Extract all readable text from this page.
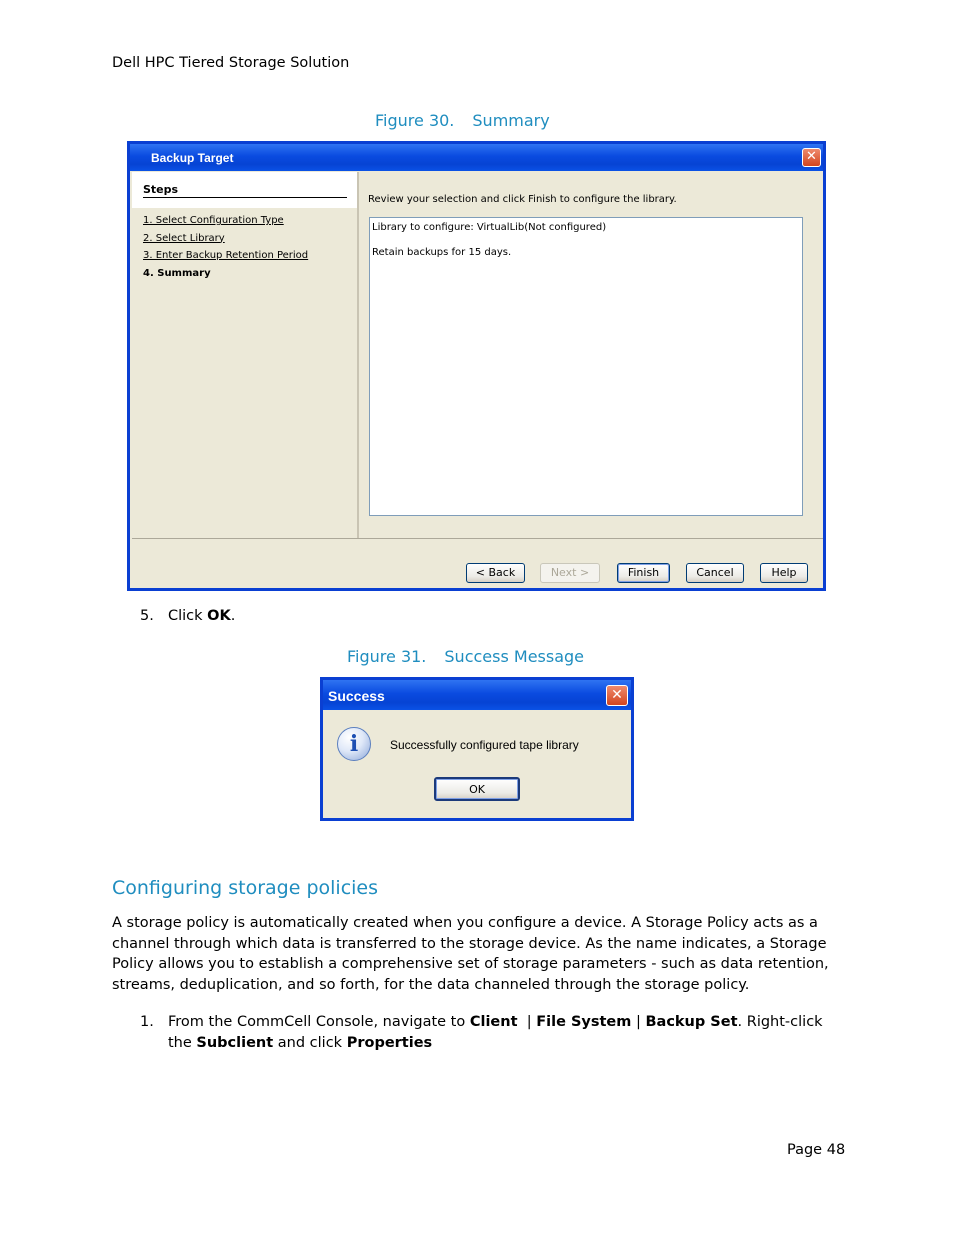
Dell HPC Tiered Storage Solution
Figure 30. Summary
Backup Target	✕
Steps
1. Select Configuration Type
2. Select Library
3. Enter Backup Retention Period
4. Summary
Review your selection and click Finish to configure the library.
Library to configure: VirtualLib(Not configured)
Retain backups for 15 days.
< Back	Next >	Finish	Cancel	Help
5. Click OK.
Figure 31. Success Message
Success	✕
i	Successfully configured tape library
OK
Configuring storage policies
A storage policy is automatically created when you configure a device. A Storage Policy acts as a
channel through which data is transferred to the storage device. As the name indicates, a Storage
Policy allows you to establish a comprehensive set of storage parameters - such as data retention,
streams, deduplication, and so forth, for the data channeled through the storage policy.
1. From the CommCell Console, navigate to Client  | File System | Backup Set. Right-click
the Subclient and click Properties
Page 48
